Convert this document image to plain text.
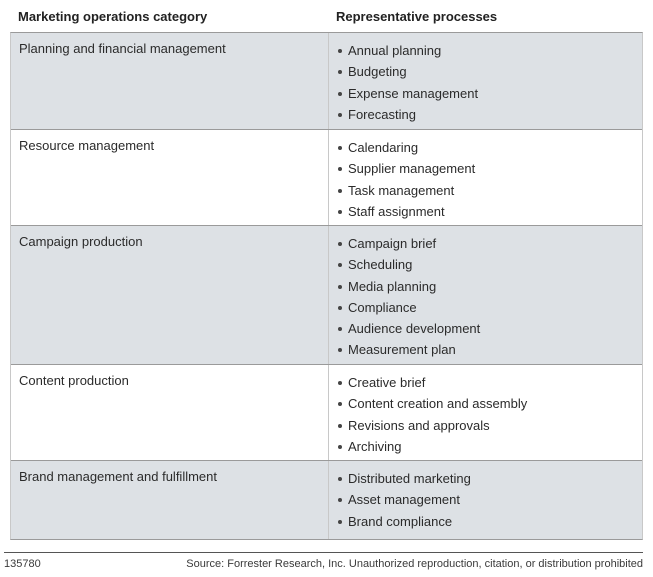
Marketing operations category	Representative processes
Planning and financial management	Annual planning
Budgeting
Expense management
Forecasting
Resource management	Calendaring
Supplier management
Task management
Staff assignment
Campaign production	Campaign brief
Scheduling
Media planning
Compliance
Audience development
Measurement plan
Content production	Creative brief
Content creation and assembly
Revisions and approvals
Archiving
Brand management and fulfillment	Distributed marketing
Asset management
Brand compliance
135780	Source: Forrester Research, Inc. Unauthorized reproduction, citation, or distribution prohibited
